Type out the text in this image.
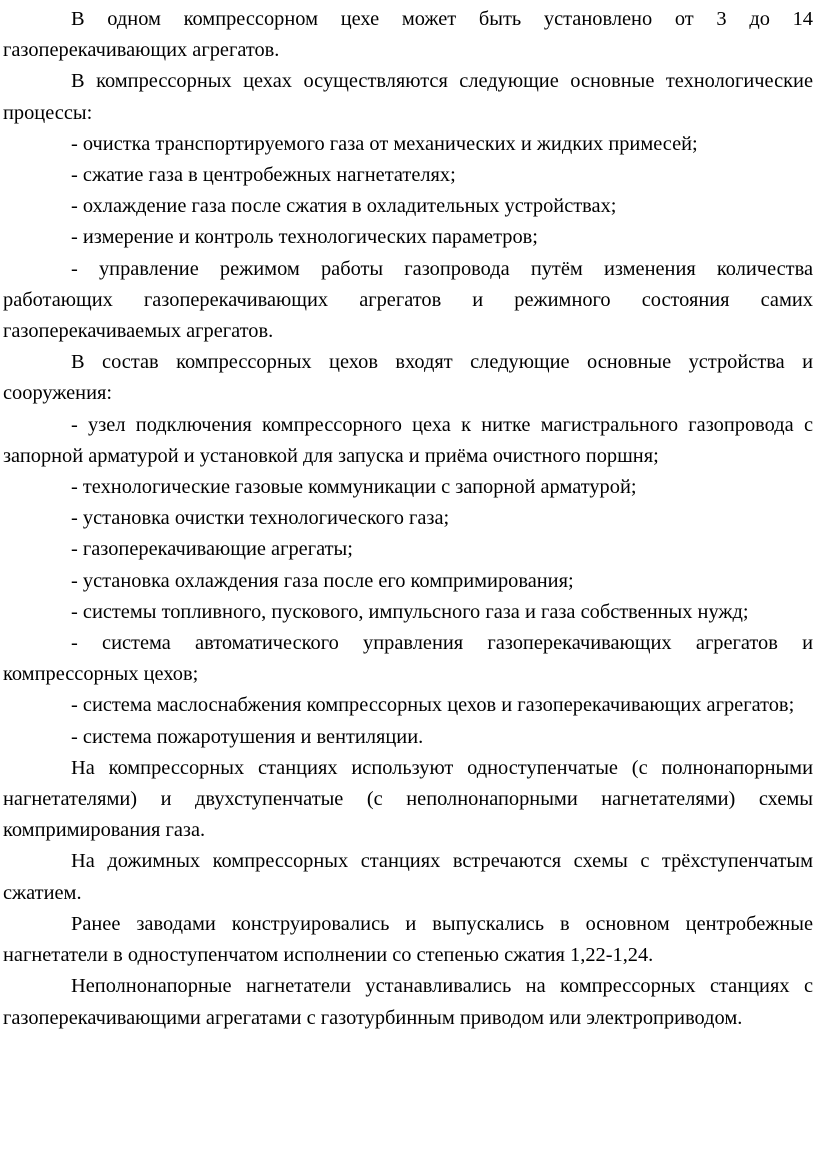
В одном компрессорном цехе может быть установлено от 3 до 14 газоперекачивающих агрегатов.

В компрессорных цехах осуществляются следующие основные технологические процессы:

- очистка транспортируемого газа от механических и жидких примесей;

- сжатие газа в центробежных нагнетателях;

- охлаждение газа после сжатия в охладительных устройствах;

- измерение и контроль технологических параметров;

- управление режимом работы газопровода путём изменения количества работающих газоперекачивающих агрегатов и режимного состояния самих газоперекачиваемых агрегатов.

В состав компрессорных цехов входят следующие основные устройства и сооружения:

- узел подключения компрессорного цеха к нитке магистрального газопровода с запорной арматурой и установкой для запуска и приёма очистного поршня;

- технологические газовые коммуникации с запорной арматурой;

- установка очистки технологического газа;

- газоперекачивающие агрегаты;

- установка охлаждения газа после его компримирования;

- системы топливного, пускового, импульсного газа и газа собственных нужд;

- система автоматического управления газоперекачивающих агрегатов и компрессорных цехов;

- система маслоснабжения компрессорных цехов и газоперекачивающих агрегатов;

- система пожаротушения и вентиляции.

На компрессорных станциях используют одноступенчатые (с полнонапорными нагнетателями) и двухступенчатые (с неполнонапорными нагнетателями) схемы компримирования газа.

На дожимных компрессорных станциях встречаются схемы с трёхступенчатым сжатием.

Ранее заводами конструировались и выпускались в основном центробежные нагнетатели в одноступенчатом исполнении со степенью сжатия 1,22-1,24.

Неполнонапорные нагнетатели устанавливались на компрессорных станциях с газоперекачивающими агрегатами с газотурбинным приводом или электроприводом.
